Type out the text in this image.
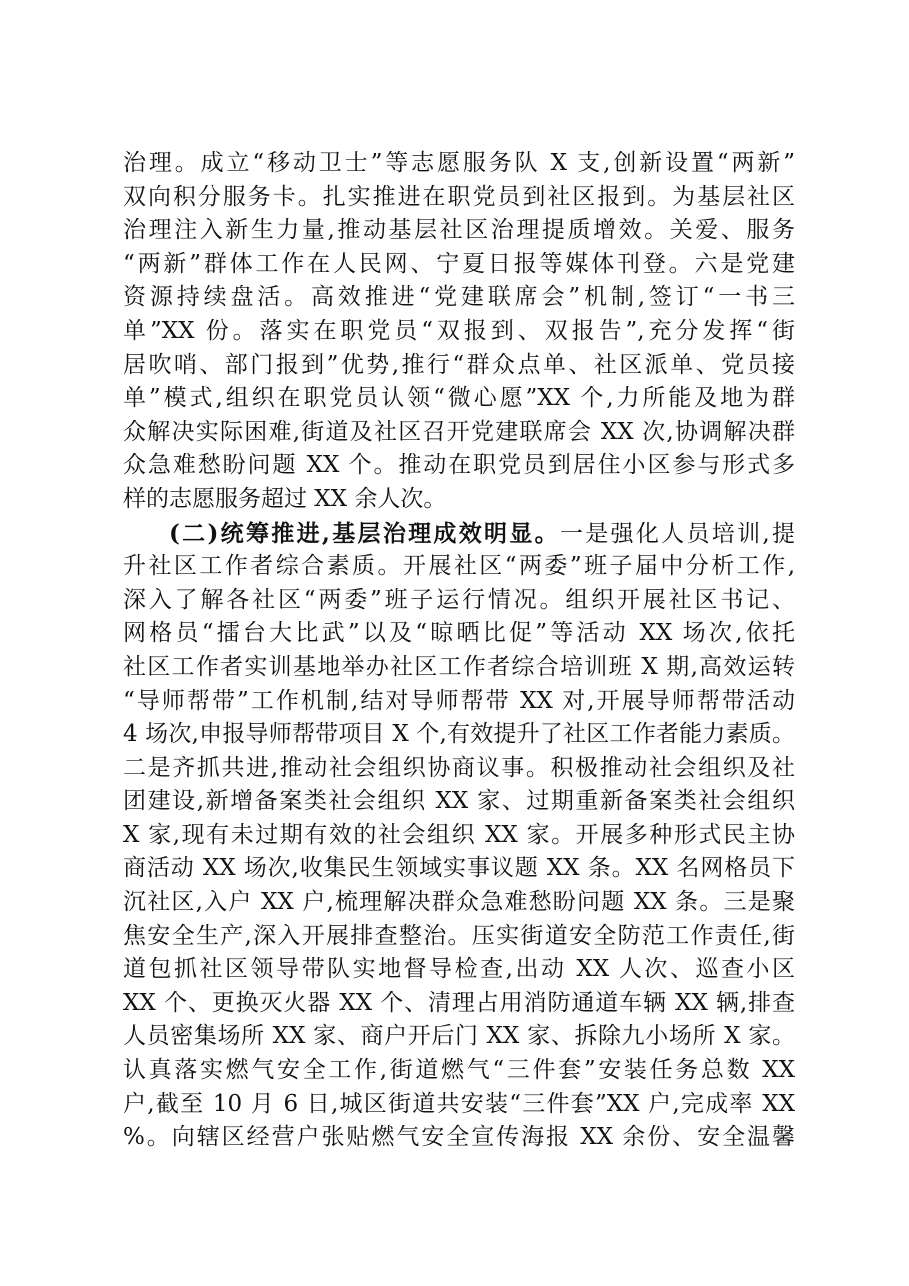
治理。成立“移动卫士”等志愿服务队 X 支,创新设置“两新”
双向积分服务卡。扎实推进在职党员到社区报到。为基层社区
治理注入新生力量,推动基层社区治理提质增效。关爱、服务
“两新”群体工作在人民网、宁夏日报等媒体刊登。六是党建
资源持续盘活。高效推进“党建联席会”机制,签订“一书三
单”XX 份。落实在职党员“双报到、双报告”,充分发挥“街
居吹哨、部门报到”优势,推行“群众点单、社区派单、党员接
单”模式,组织在职党员认领“微心愿”XX 个,力所能及地为群
众解决实际困难,街道及社区召开党建联席会 XX 次,协调解决群
众急难愁盼问题 XX 个。推动在职党员到居住小区参与形式多
样的志愿服务超过 XX 余人次。
(二)统筹推进,基层治理成效明显。一是强化人员培训,提
升社区工作者综合素质。开展社区“两委”班子届中分析工作,
深入了解各社区“两委”班子运行情况。组织开展社区书记、
网格员“擂台大比武”以及“晾晒比促”等活动 XX 场次,依托
社区工作者实训基地举办社区工作者综合培训班 X 期,高效运转
“导师帮带”工作机制,结对导师帮带 XX 对,开展导师帮带活动
4 场次,申报导师帮带项目 X 个,有效提升了社区工作者能力素质。
二是齐抓共进,推动社会组织协商议事。积极推动社会组织及社
团建设,新增备案类社会组织 XX 家、过期重新备案类社会组织
X 家,现有未过期有效的社会组织 XX 家。开展多种形式民主协
商活动 XX 场次,收集民生领域实事议题 XX 条。XX 名网格员下
沉社区,入户 XX 户,梳理解决群众急难愁盼问题 XX 条。三是聚
焦安全生产,深入开展排查整治。压实街道安全防范工作责任,街
道包抓社区领导带队实地督导检查,出动 XX 人次、巡查小区
XX 个、更换灭火器 XX 个、清理占用消防通道车辆 XX 辆,排查
人员密集场所 XX 家、商户开后门 XX 家、拆除九小场所 X 家。
认真落实燃气安全工作,街道燃气“三件套”安装任务总数 XX
户,截至 10 月 6 日,城区街道共安装“三件套”XX 户,完成率 XX
%。向辖区经营户张贴燃气安全宣传海报 XX 余份、安全温馨
